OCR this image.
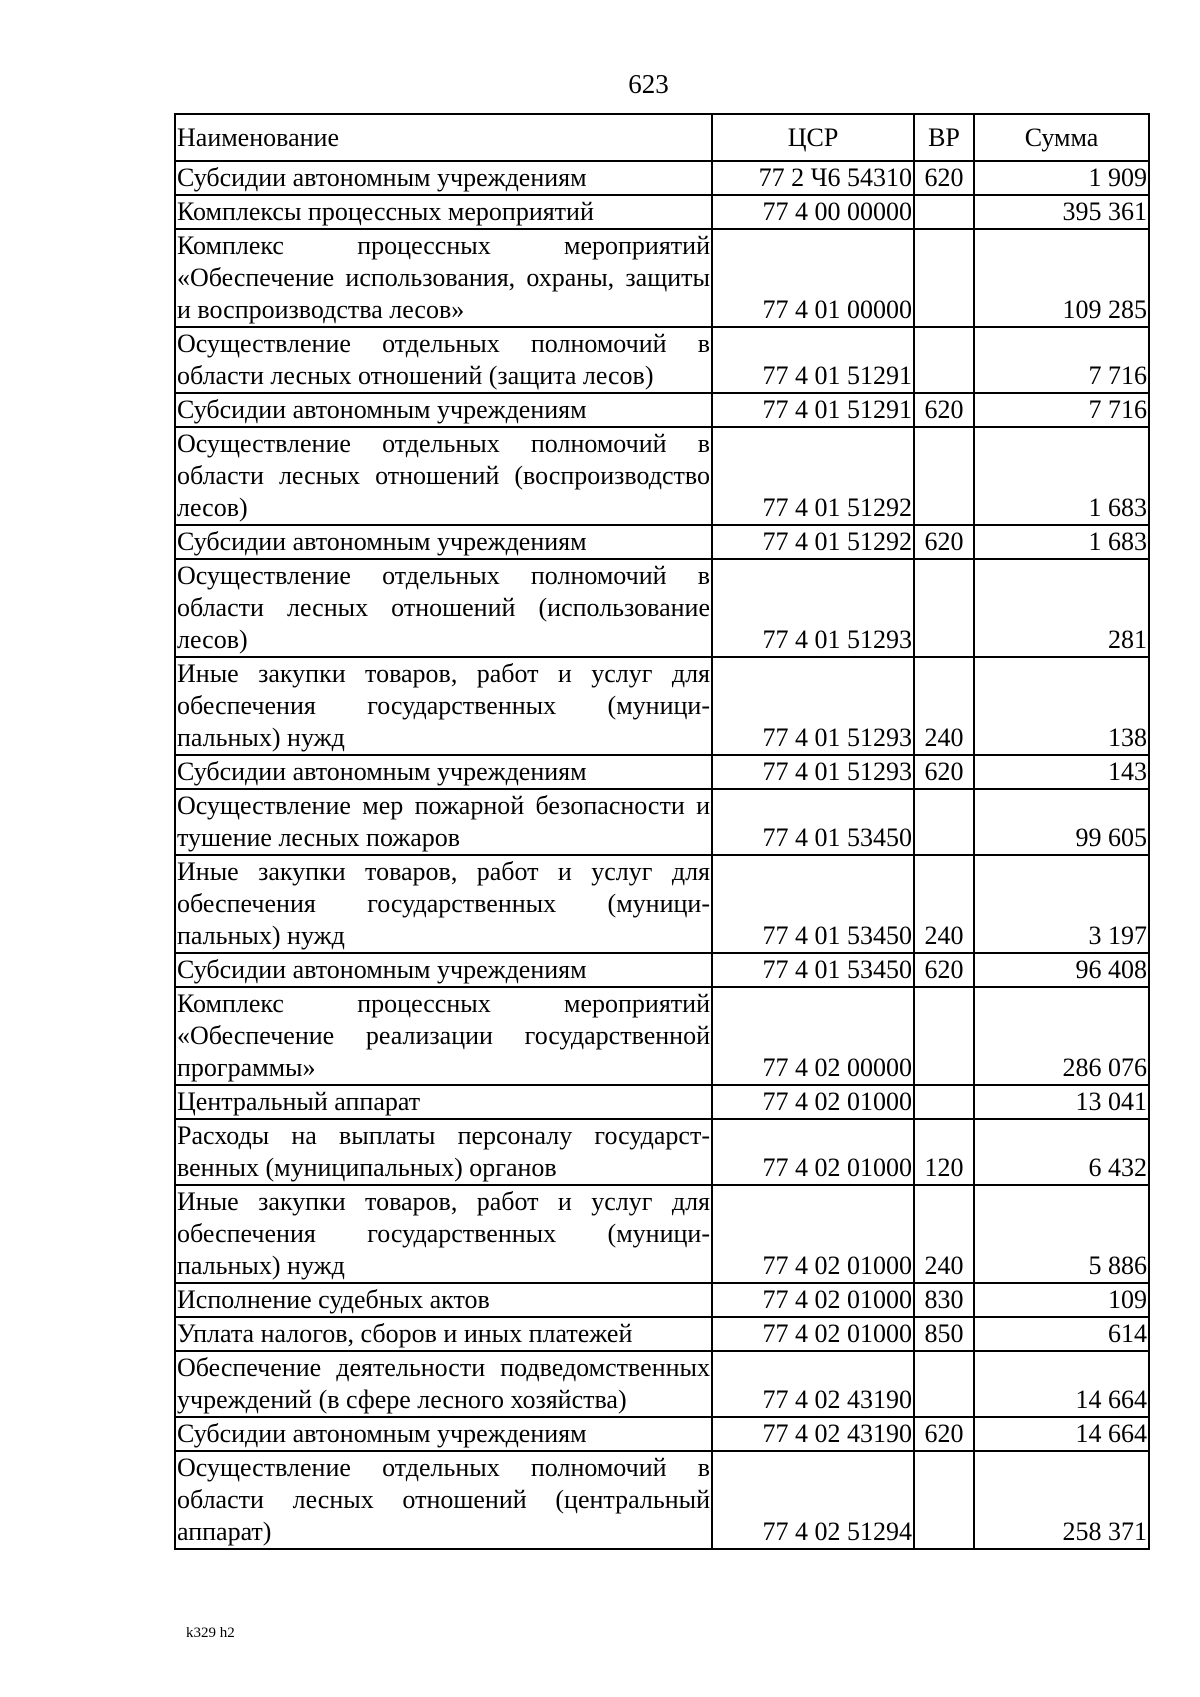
623
Наименование	ЦСР	ВР	Сумма
Субсидии автономным учреждениям	77 2 Ч6 54310	620	1 909
Комплексы процессных мероприятий	77 4 00 00000		395 361
Комплекс процессных мероприятий «Обеспечение использования, охраны, защиты и воспроизводства лесов»	77 4 01 00000		109 285
Осуществление отдельных полномочий в области лесных отношений (защита лесов)	77 4 01 51291		7 716
Субсидии автономным учреждениям	77 4 01 51291	620	7 716
Осуществление отдельных полномочий в области лесных отношений (воспроизводство лесов)	77 4 01 51292		1 683
Субсидии автономным учреждениям	77 4 01 51292	620	1 683
Осуществление отдельных полномочий в области лесных отношений (использование лесов)	77 4 01 51293		281
Иные закупки товаров, работ и услуг для обеспечения государственных (муниципальных) нужд	77 4 01 51293	240	138
Субсидии автономным учреждениям	77 4 01 51293	620	143
Осуществление мер пожарной безопасности и тушение лесных пожаров	77 4 01 53450		99 605
Иные закупки товаров, работ и услуг для обеспечения государственных (муниципальных) нужд	77 4 01 53450	240	3 197
Субсидии автономным учреждениям	77 4 01 53450	620	96 408
Комплекс процессных мероприятий «Обеспечение реализации государственной программы»	77 4 02 00000		286 076
Центральный аппарат	77 4 02 01000		13 041
Расходы на выплаты персоналу государственных (муниципальных) органов	77 4 02 01000	120	6 432
Иные закупки товаров, работ и услуг для обеспечения государственных (муниципальных) нужд	77 4 02 01000	240	5 886
Исполнение судебных актов	77 4 02 01000	830	109
Уплата налогов, сборов и иных платежей	77 4 02 01000	850	614
Обеспечение деятельности подведомственных учреждений (в сфере лесного хозяйства)	77 4 02 43190		14 664
Субсидии автономным учреждениям	77 4 02 43190	620	14 664
Осуществление отдельных полномочий в области лесных отношений (центральный аппарат)	77 4 02 51294		258 371
k329 h2
